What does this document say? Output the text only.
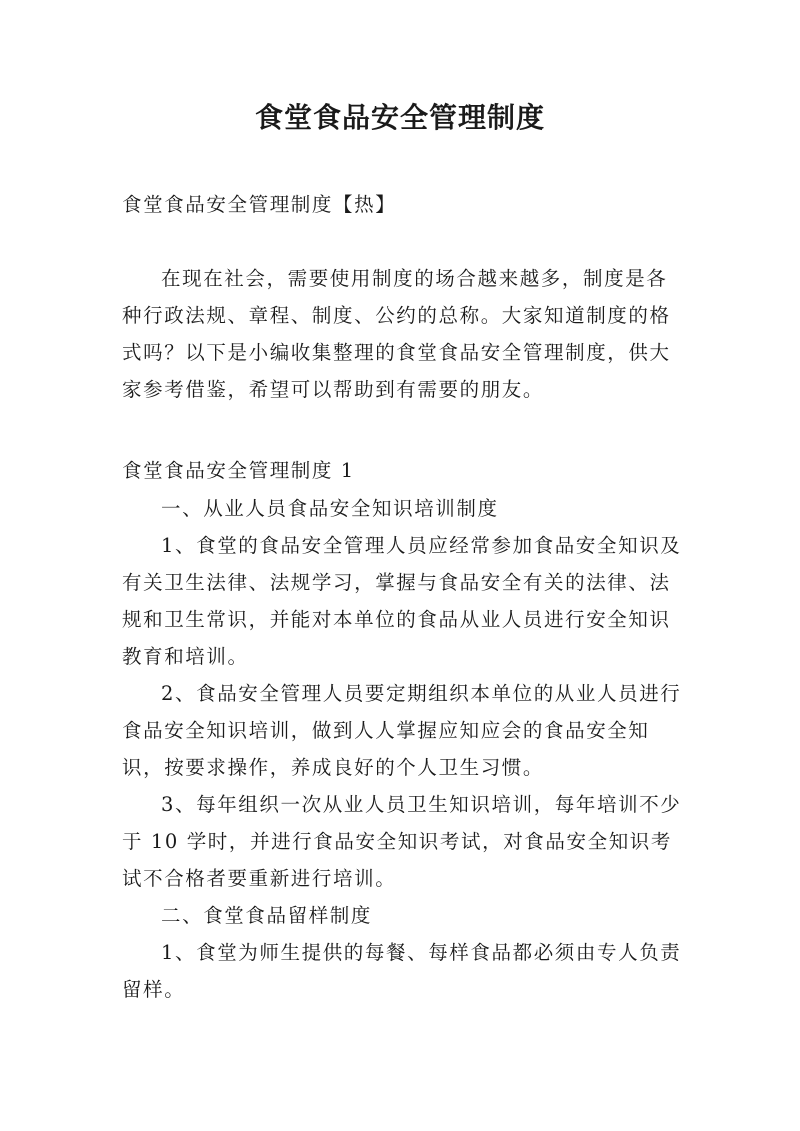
食堂食品安全管理制度
食堂食品安全管理制度【热】

在现在社会，需要使用制度的场合越来越多，制度是各种行政法规、章程、制度、公约的总称。大家知道制度的格式吗？以下是小编收集整理的食堂食品安全管理制度，供大家参考借鉴，希望可以帮助到有需要的朋友。

食堂食品安全管理制度 1

一、从业人员食品安全知识培训制度

1、食堂的食品安全管理人员应经常参加食品安全知识及有关卫生法律、法规学习，掌握与食品安全有关的法律、法规和卫生常识，并能对本单位的食品从业人员进行安全知识教育和培训。

2、食品安全管理人员要定期组织本单位的从业人员进行食品安全知识培训，做到人人掌握应知应会的食品安全知识，按要求操作，养成良好的个人卫生习惯。

3、每年组织一次从业人员卫生知识培训，每年培训不少于 10 学时，并进行食品安全知识考试，对食品安全知识考试不合格者要重新进行培训。

二、食堂食品留样制度

1、食堂为师生提供的每餐、每样食品都必须由专人负责留样。
